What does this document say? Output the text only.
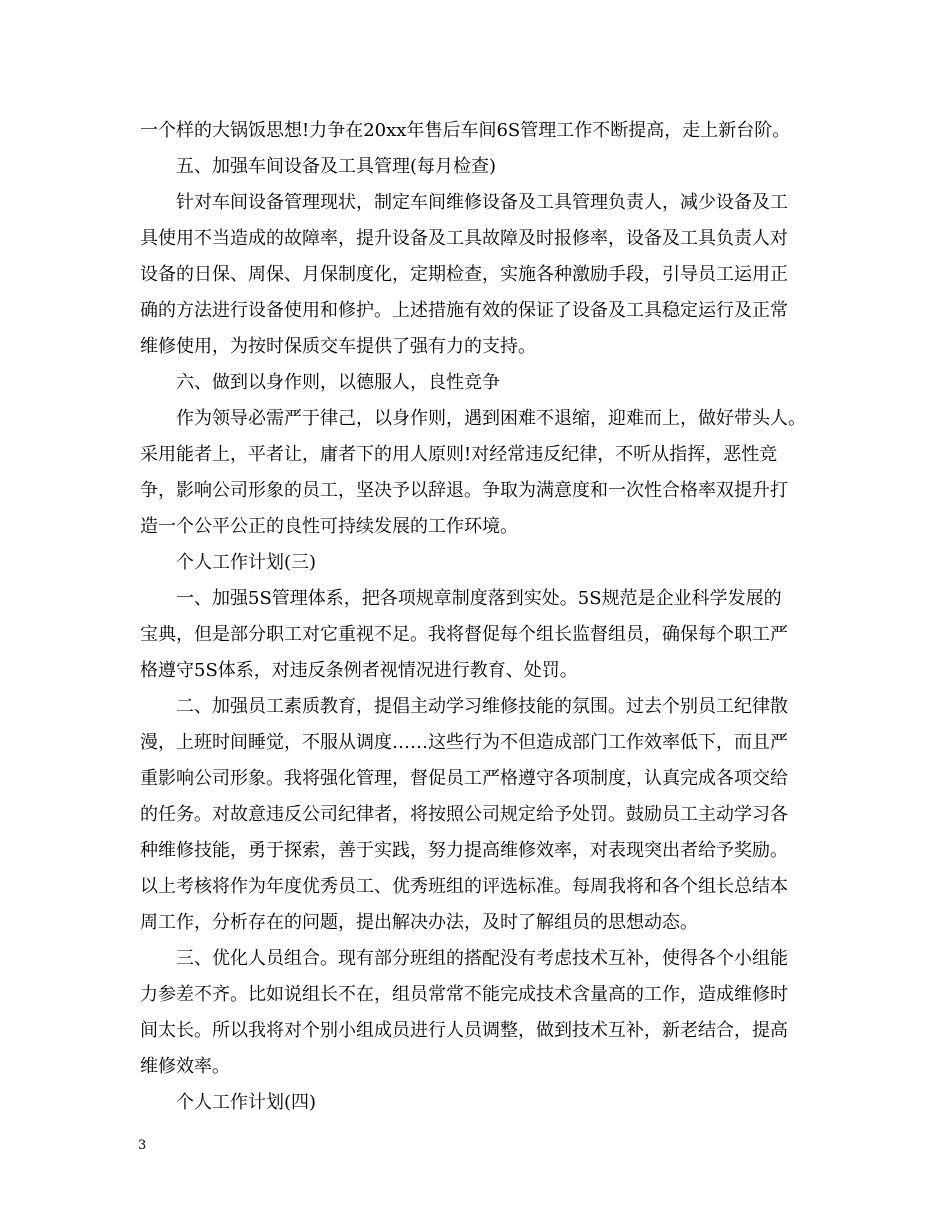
一个样的大锅饭思想!力争在20xx年售后车间6S管理工作不断提高，走上新台阶。
五、加强车间设备及工具管理(每月检查)
针对车间设备管理现状，制定车间维修设备及工具管理负责人，减少设备及工
具使用不当造成的故障率，提升设备及工具故障及时报修率，设备及工具负责人对
设备的日保、周保、月保制度化，定期检查，实施各种激励手段，引导员工运用正
确的方法进行设备使用和修护。上述措施有效的保证了设备及工具稳定运行及正常
维修使用，为按时保质交车提供了强有力的支持。
六、做到以身作则，以德服人，良性竞争
作为领导必需严于律己，以身作则，遇到困难不退缩，迎难而上，做好带头人。
采用能者上，平者让，庸者下的用人原则!对经常违反纪律，不听从指挥，恶性竞
争，影响公司形象的员工，坚决予以辞退。争取为满意度和一次性合格率双提升打
造一个公平公正的良性可持续发展的工作环境。
个人工作计划(三)
一、加强5S管理体系，把各项规章制度落到实处。5S规范是企业科学发展的
宝典，但是部分职工对它重视不足。我将督促每个组长监督组员，确保每个职工严
格遵守5S体系，对违反条例者视情况进行教育、处罚。
二、加强员工素质教育，提倡主动学习维修技能的氛围。过去个别员工纪律散
漫，上班时间睡觉，不服从调度……这些行为不但造成部门工作效率低下，而且严
重影响公司形象。我将强化管理，督促员工严格遵守各项制度，认真完成各项交给
的任务。对故意违反公司纪律者，将按照公司规定给予处罚。鼓励员工主动学习各
种维修技能，勇于探索，善于实践，努力提高维修效率，对表现突出者给予奖励。
以上考核将作为年度优秀员工、优秀班组的评选标准。每周我将和各个组长总结本
周工作，分析存在的问题，提出解决办法，及时了解组员的思想动态。
三、优化人员组合。现有部分班组的搭配没有考虑技术互补，使得各个小组能
力参差不齐。比如说组长不在，组员常常不能完成技术含量高的工作，造成维修时
间太长。所以我将对个别小组成员进行人员调整，做到技术互补，新老结合，提高
维修效率。
个人工作计划(四)
3
